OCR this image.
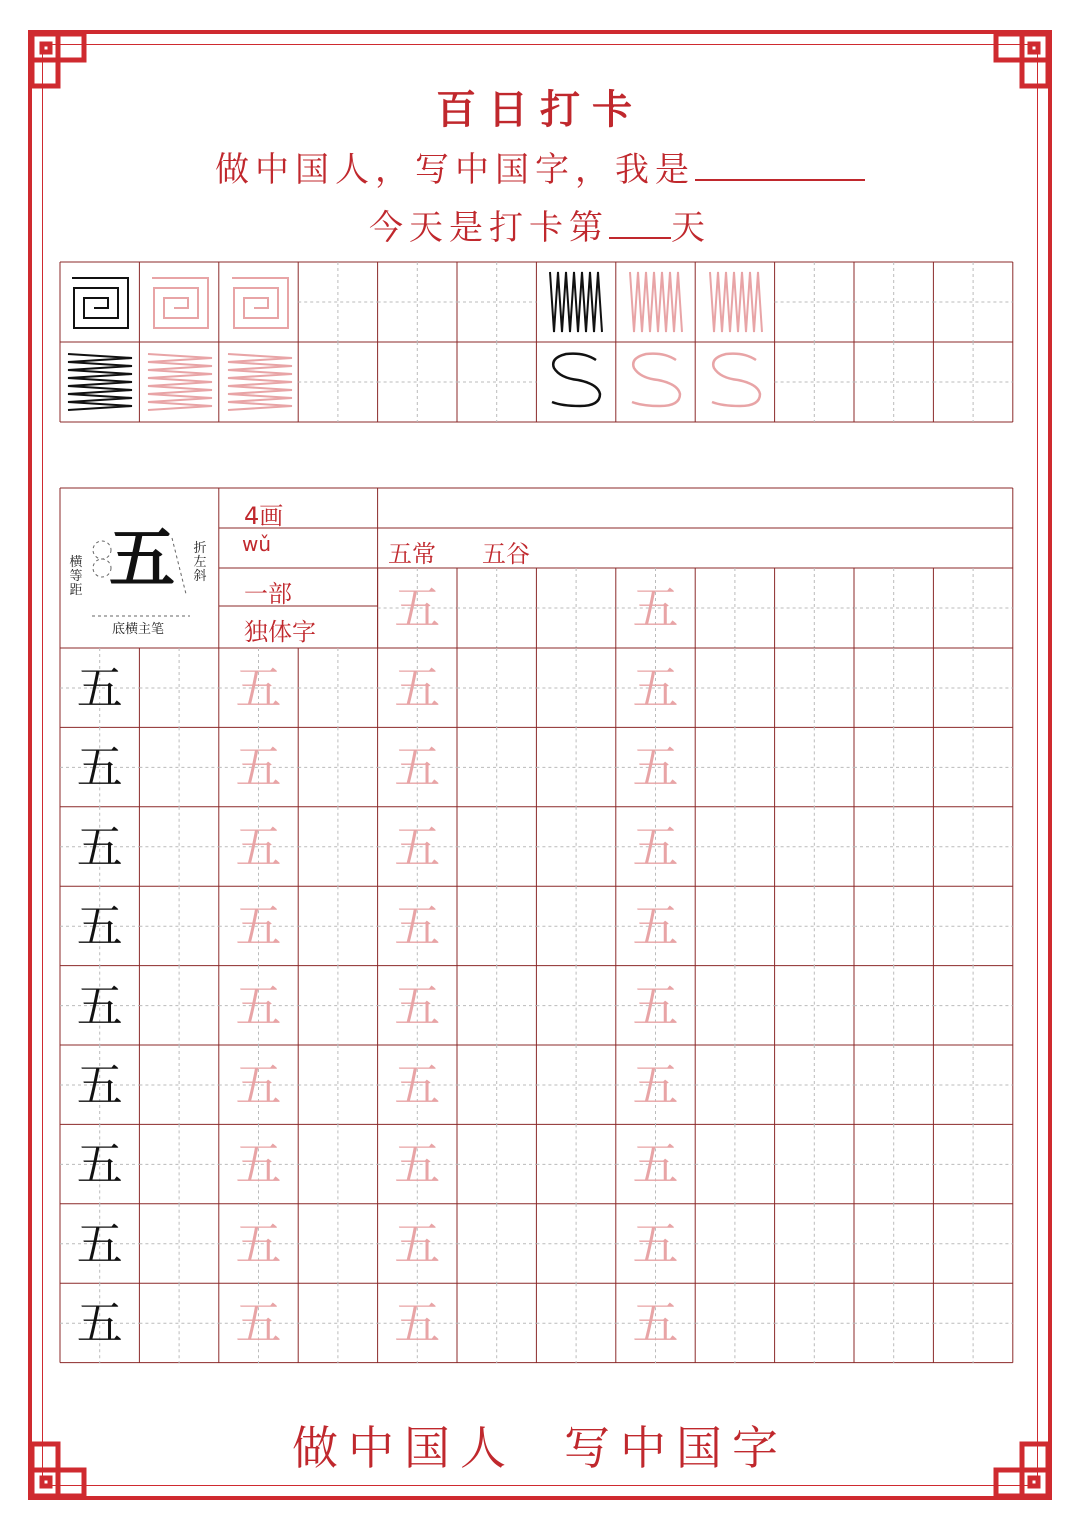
百日打卡
做中国人，写中国字，我是
今天是打卡第 天
五
横等距
折左斜
底横主笔
4画
wǔ
一部
独体字
五常 五谷
五	五
五	五	五	五
五	五	五	五
五	五	五	五
五	五	五	五
五	五	五	五
五	五	五	五
五	五	五	五
五	五	五	五
五	五	五	五
做中国人 写中国字
